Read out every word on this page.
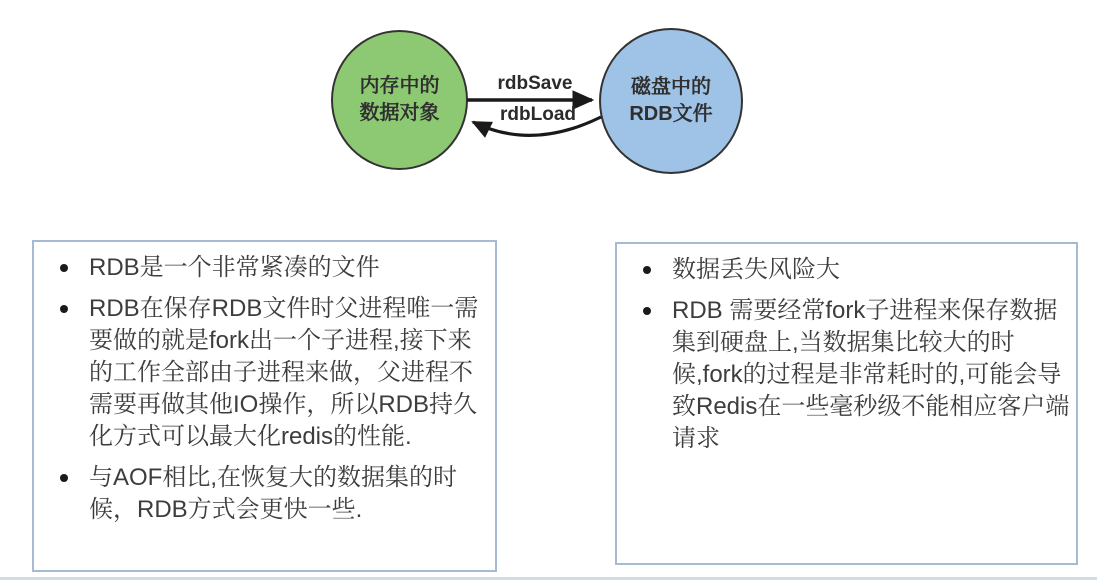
内存中的
数据对象
磁盘中的
RDB文件
rdbSave
rdbLoad
RDB是一个非常紧凑的文件
RDB在保存RDB文件时父进程唯一需要做的就是fork出一个子进程,接下来的工作全部由子进程来做，父进程不需要再做其他IO操作，所以RDB持久化方式可以最大化redis的性能.
与AOF相比,在恢复大的数据集的时候，RDB方式会更快一些.
数据丢失风险大
RDB 需要经常fork子进程来保存数据集到硬盘上,当数据集比较大的时候,fork的过程是非常耗时的,可能会导致Redis在一些毫秒级不能相应客户端请求
